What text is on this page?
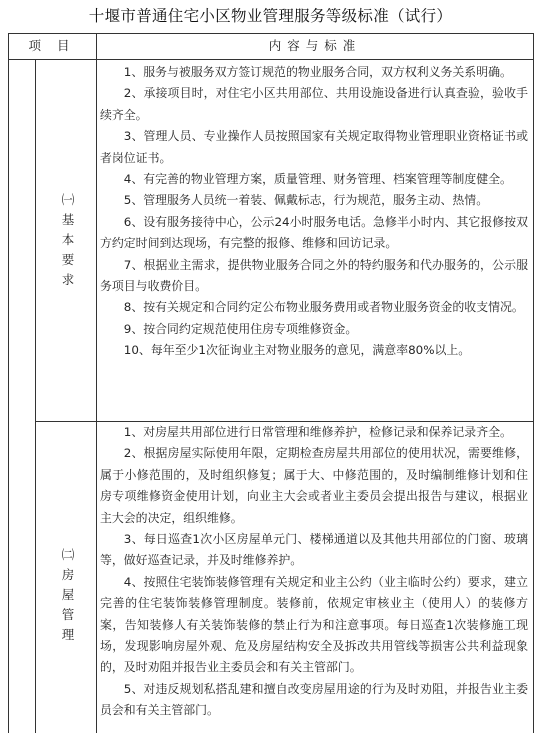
十堰市普通住宅小区物业管理服务等级标准（试行）
项 目	内容与标准
㈠
基
本
要
求
㈡
房
屋
管
理

1、服务与被服务双方签订规范的物业服务合同，双方权利义务关系明确。

2、承接项目时，对住宅小区共用部位、共用设施设备进行认真查验，验收手续齐全。

3、管理人员、专业操作人员按照国家有关规定取得物业管理职业资格证书或者岗位证书。

4、有完善的物业管理方案，质量管理、财务管理、档案管理等制度健全。

5、管理服务人员统一着装、佩戴标志，行为规范，服务主动、热情。

6、设有服务接待中心，公示24小时服务电话。急修半小时内、其它报修按双方约定时间到达现场，有完整的报修、维修和回访记录。

7、根据业主需求，提供物业服务合同之外的特约服务和代办服务的，公示服务项目与收费价目。

8、按有关规定和合同约定公布物业服务费用或者物业服务资金的收支情况。

9、按合同约定规范使用住房专项维修资金。

10、每年至少1次征询业主对物业服务的意见，满意率80%以上。

1、对房屋共用部位进行日常管理和维修养护，检修记录和保养记录齐全。

2、根据房屋实际使用年限，定期检查房屋共用部位的使用状况，需要维修，属于小修范围的，及时组织修复；属于大、中修范围的，及时编制维修计划和住房专项维修资金使用计划，向业主大会或者业主委员会提出报告与建议，根据业主大会的决定，组织维修。

3、每日巡查1次小区房屋单元门、楼梯通道以及其他共用部位的门窗、玻璃等，做好巡查记录，并及时维修养护。

4、按照住宅装饰装修管理有关规定和业主公约（业主临时公约）要求，建立完善的住宅装饰装修管理制度。装修前，依规定审核业主（使用人）的装修方案，告知装修人有关装饰装修的禁止行为和注意事项。每日巡查1次装修施工现场，发现影响房屋外观、危及房屋结构安全及拆改共用管线等损害公共利益现象的，及时劝阻并报告业主委员会和有关主管部门。

5、对违反规划私搭乱建和擅自改变房屋用途的行为及时劝阻，并报告业主委员会和有关主管部门。
